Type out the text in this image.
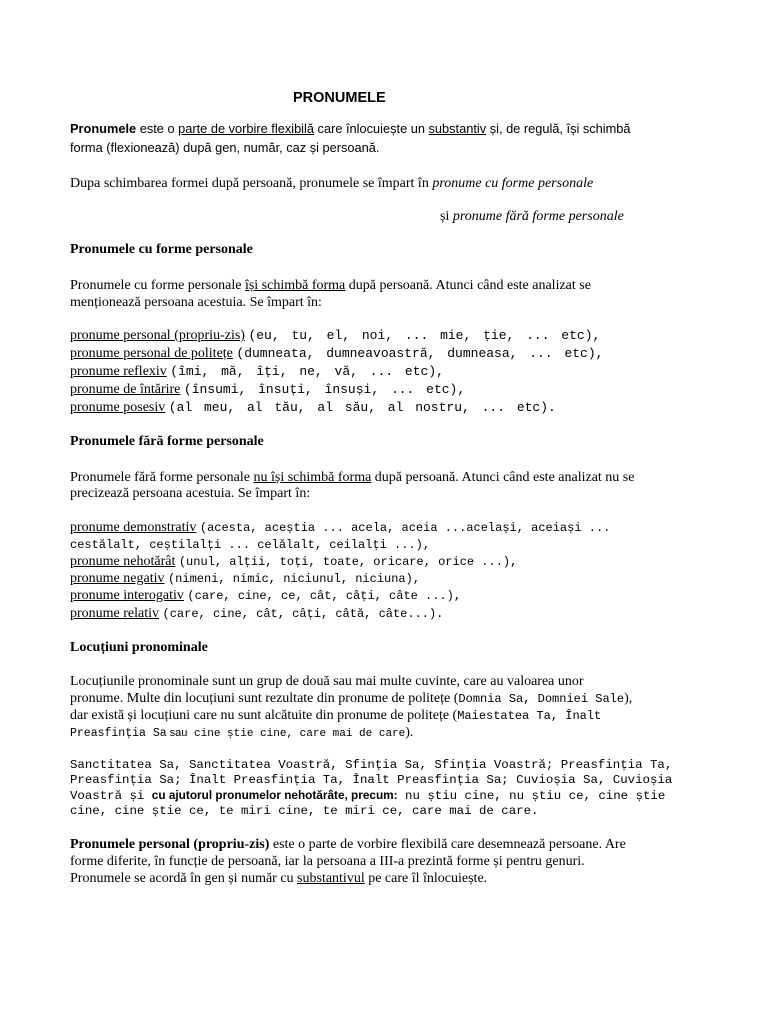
PRONUMELE
Pronumele este o parte de vorbire flexibilă care înlocuiește un substantiv și, de regulă, își schimbă
forma (flexionează) după gen, număr, caz și persoană.
Dupa schimbarea formei după persoană, pronumele se împart în pronume cu forme personale
și pronume fără forme personale
Pronumele cu forme personale
Pronumele cu forme personale își schimbă forma după persoană. Atunci când este analizat se
menționează persoana acestuia. Se împart în:
pronume personal (propriu-zis) (eu, tu, el, noi, ... mie, ție, ... etc),
pronume personal de politețe (dumneata, dumneavoastră, dumneasa, ... etc),
pronume reflexiv (îmi, mă, îți, ne, vă, ... etc),
pronume de întărire (însumi, însuți, însuși, ... etc),
pronume posesiv (al meu, al tău, al său, al nostru, ... etc).
Pronumele fără forme personale
Pronumele fără forme personale nu își schimbă forma după persoană. Atunci când este analizat nu se
precizează persoana acestuia. Se împart în:
pronume demonstrativ (acesta, aceștia ... acela, aceia ...același, aceiași ...
cestălalt, ceștilalți ... celălalt, ceilalți ...),
pronume nehotărât (unul, alții, toți, toate, oricare, orice ...),
pronume negativ (nimeni, nimic, niciunul, niciuna),
pronume interogativ (care, cine, ce, cât, câți, câte ...),
pronume relativ (care, cine, cât, câți, câtă, câte...).
Locuțiuni pronominale
Locuțiunile pronominale sunt un grup de două sau mai multe cuvinte, care au valoarea unor
pronume. Multe din locuțiuni sunt rezultate din pronume de politețe (Domnia Sa, Domniei Sale),
dar există și locuțiuni care nu sunt alcătuite din pronume de politețe (Maiestatea Ta, Înalt
Preasfinția Sa sau cine știe cine, care mai de care).
Sanctitatea Sa, Sanctitatea Voastră, Sfinția Sa, Sfinția Voastră; Preasfinția Ta,
Preasfinția Sa; Înalt Preasfinția Ta, Înalt Preasfinția Sa; Cuvioșia Sa, Cuvioșia
Voastră și cu ajutorul pronumelor nehotărâte, precum: nu știu cine, nu știu ce, cine știe
cine, cine știe ce, te miri cine, te miri ce, care mai de care.
Pronumele personal (propriu-zis) este o parte de vorbire flexibilă care desemnează persoane. Are
forme diferite, în funcție de persoană, iar la persoana a III-a prezintă forme și pentru genuri.
Pronumele se acordă în gen și număr cu substantivul pe care îl înlocuiește.
